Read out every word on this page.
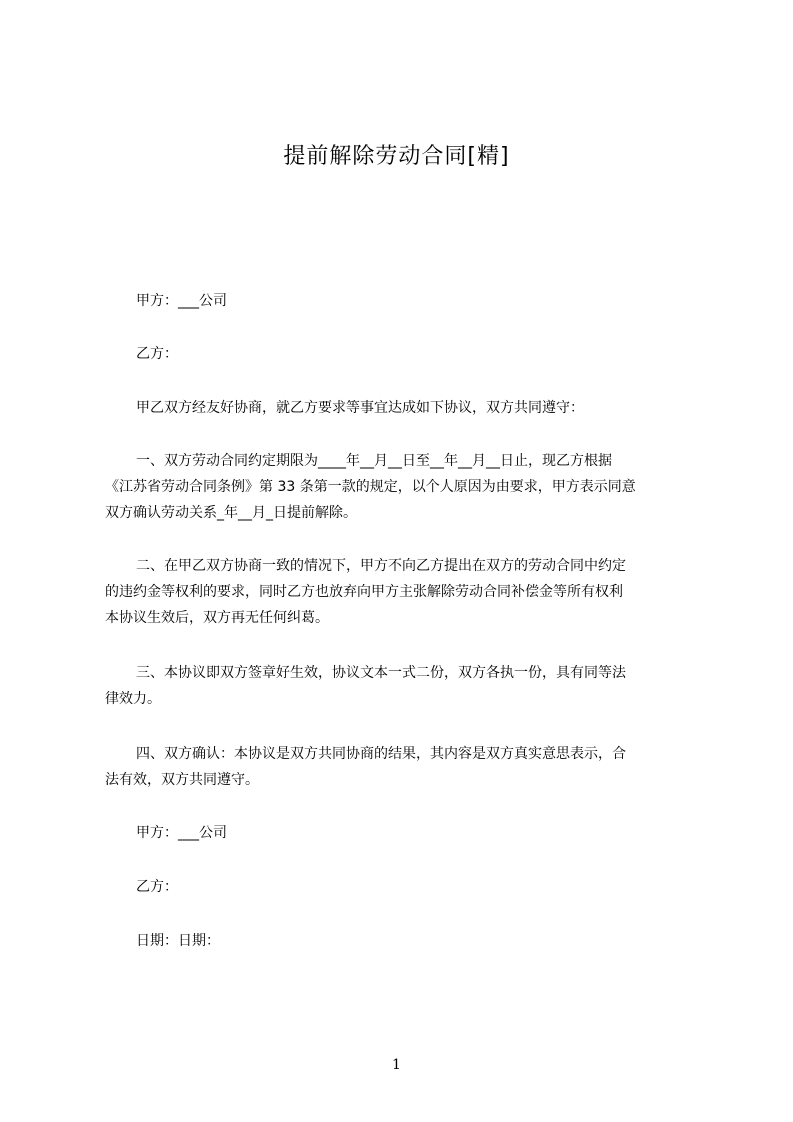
提前解除劳动合同[精]
甲方：___公司
乙方：
甲乙双方经友好协商，就乙方要求等事宜达成如下协议，双方共同遵守：
一、双方劳动合同约定期限为____年__月__日至__年__月__日止，现乙方根据
《江苏省劳动合同条例》第 33 条第一款的规定，以个人原因为由要求，甲方表示同意
双方确认劳动关系_年__月_日提前解除。
二、在甲乙双方协商一致的情况下，甲方不向乙方提出在双方的劳动合同中约定
的违约金等权利的要求，同时乙方也放弃向甲方主张解除劳动合同补偿金等所有权利
本协议生效后，双方再无任何纠葛。
三、本协议即双方签章好生效，协议文本一式二份，双方各执一份，具有同等法
律效力。
四、双方确认：本协议是双方共同协商的结果，其内容是双方真实意思表示，合
法有效，双方共同遵守。
甲方：___公司
乙方：
日期：日期：
1
